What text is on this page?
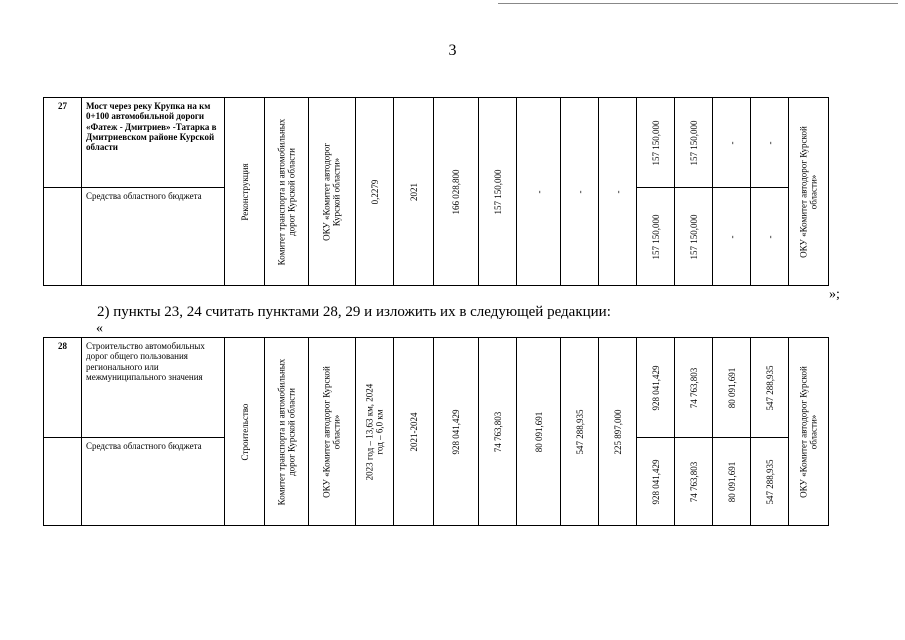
3
27	Мост через реку Крупка на км 0+100 автомобильной дороги «Фатеж - Дмитриев» -Татарка в Дмитриевском районе Курской области	Реконструкция	Комитет транспорта и автомобильных дорог Курской области	ОКУ «Комитет автодорог Курской области»	0,2279	2021	166 028,800	157 150,000	-	-	-	157 150,000	157 150,000	-	-	ОКУ «Комитет автодорог Курской области»

	Средства областного бюджета											157 150,000	157 150,000	-	-	
»;
2) пункты 23, 24 считать пунктами 28, 29 и изложить их в следующей редакции:
«
28	Строительство автомобильных дорог общего пользования регионального или межмуниципального значения	Строительство	Комитет транспорта и автомобильных дорог Курской области	ОКУ «Комитет автодорог Курской области»	2023 год – 13,63 км, 2024 год – 6,0 км	2021-2024	928 041,429	74 763,803	80 091,691	547 288,935	225 897,000	928 041,429	74 763,803	80 091,691	547 288,935	ОКУ «Комитет автодорог Курской области»

	Средства областного бюджета											928 041,429	74 763,803	80 091,691	547 288,935	
